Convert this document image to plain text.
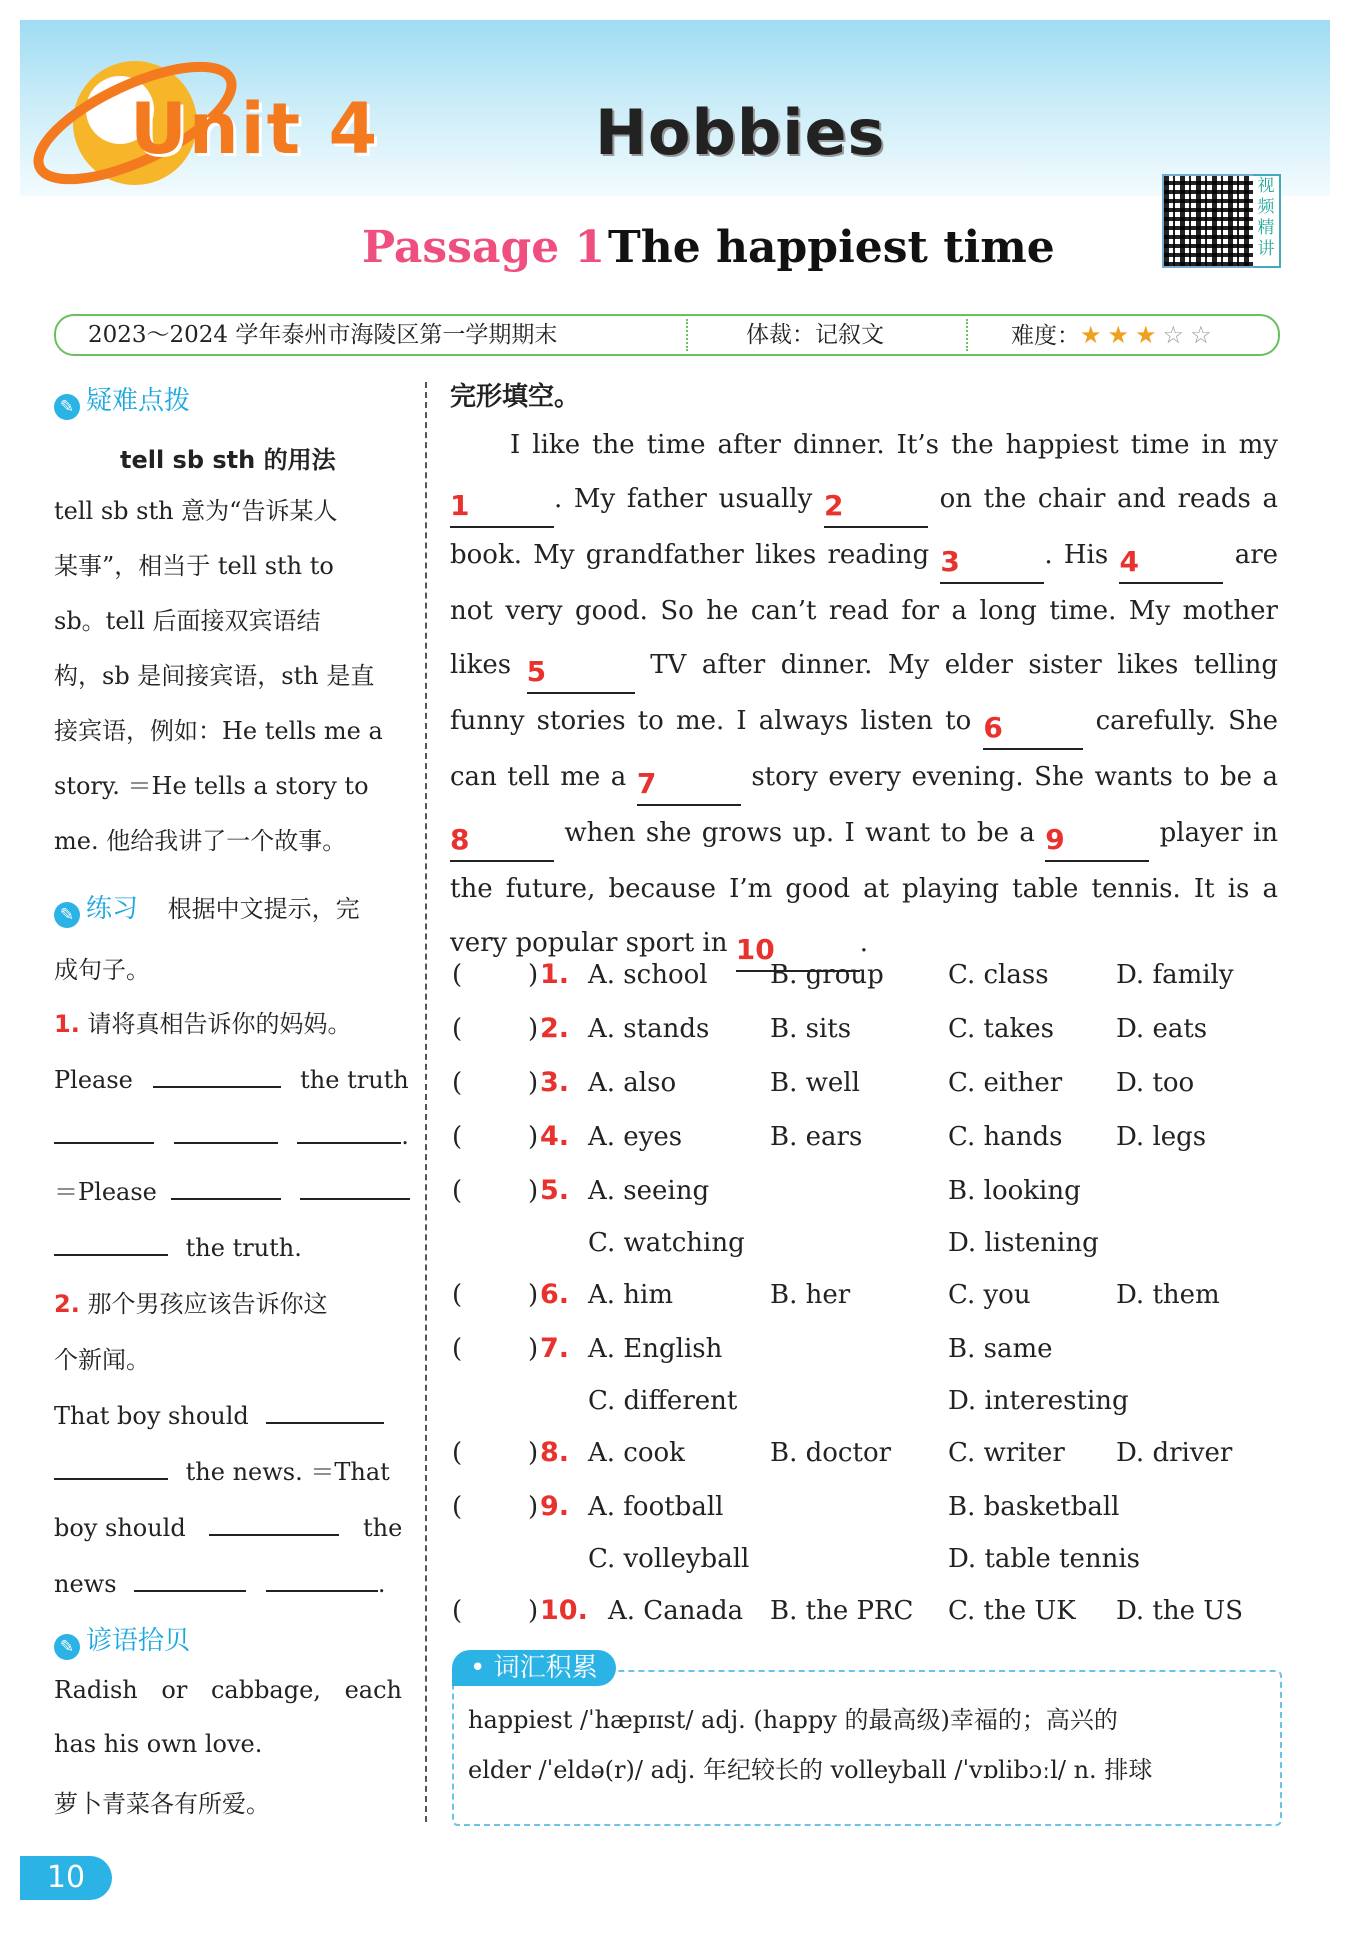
Unit 4	Hobbies
Passage 1 The happiest time
视频精讲
2023～2024 学年泰州市海陵区第一学期期末	体裁：记叙文	难度：★ ★ ★ ☆ ☆
✎ 疑难点拨
tell sb sth 的用法
tell sb sth 意为“告诉某人
某事”，相当于 tell sth to
sb。tell 后面接双宾语结
构，sb 是间接宾语，sth 是直
接宾语，例如：He tells me a
story. ＝He tells a story to
me. 他给我讲了一个故事。
✎ 练习 根据中文提示，完
成句子。
1. 请将真相告诉你的妈妈。
Please	the truth
.
＝Please
the truth.
2. 那个男孩应该告诉你这
个新闻。
That boy should
the news. ＝That
boy should	the
news	.
✎ 谚语拾贝
Radish or cabbage, each
has his own love.
萝卜青菜各有所爱。
完形填空。
I like the time after dinner. It’s the happiest time in my
1	. My father usually 2	on the chair and reads a
book. My grandfather likes reading 3	. His 4	are
not very good. So he can’t read for a long time. My mother
likes 5	TV after dinner. My elder sister likes telling
funny stories to me. I always listen to 6	carefully. She
can tell me a 7	story every evening. She wants to be a
8	when she grows up. I want to be a 9	player in
the future, because I’m good at playing table tennis. It is a
very popular sport in 10	.
(	) 1. A. school B. group C. class	D. family
(	) 2. A. stands B. sits	C. takes D. eats
(	) 3. A. also	B. well	C. either D. too
(	) 4. A. eyes	B. ears	C. hands D. legs
(	) 5. A. seeing	B. looking
C. watching	D. listening
(	) 6. A. him	B. her	C. you	D. them
(	) 7. A. English	B. same
C. different	D. interesting
(	) 8. A. cook	B. doctor C. writer D. driver
(	) 9. A. football	B. basketball
C. volleyball	D. table tennis
(	) 10. A. Canada B. the PRC C. the UK D. the US
• 词汇积累
happiest /ˈhæpɪɪst/ adj. (happy 的最高级)幸福的；高兴的
elder /ˈeldə(r)/ adj. 年纪较长的 volleyball /ˈvɒlibɔːl/ n. 排球
10
